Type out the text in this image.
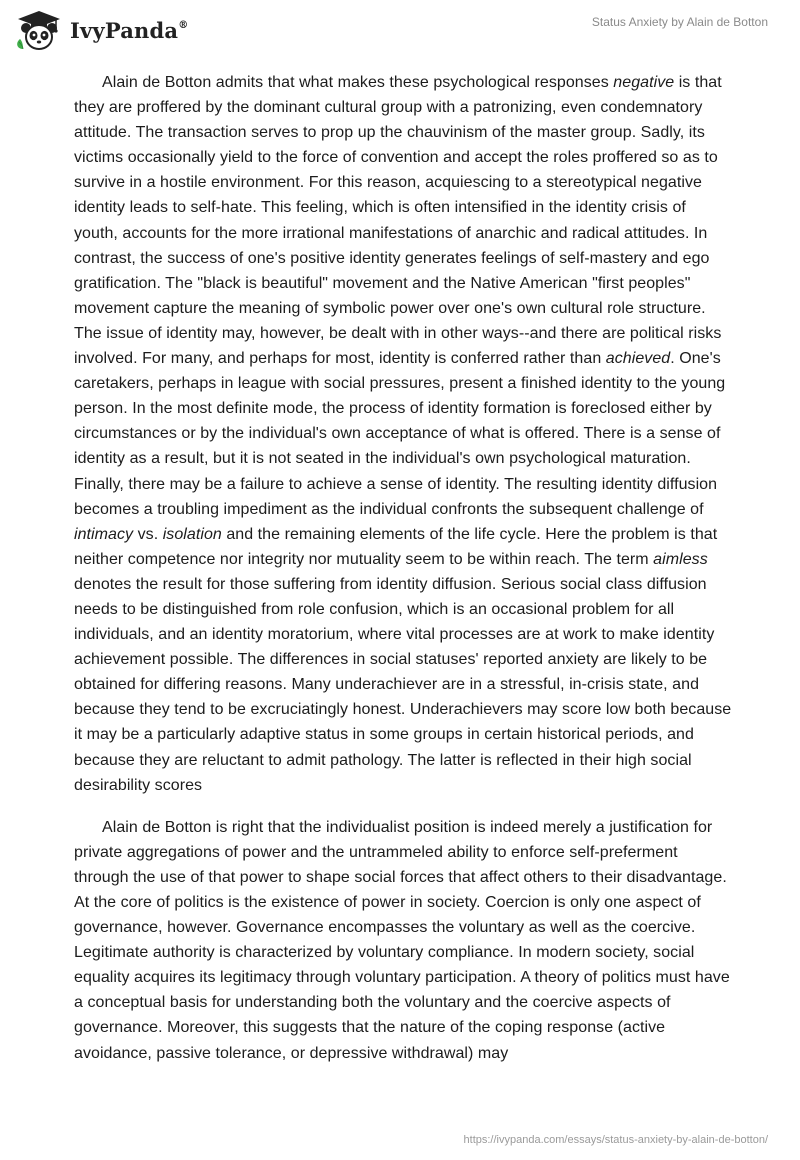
IvyPanda®	Status Anxiety by Alain de Botton

Alain de Botton admits that what makes these psychological responses negative is that they are proffered by the dominant cultural group with a patronizing, even condemnatory attitude. The transaction serves to prop up the chauvinism of the master group. Sadly, its victims occasionally yield to the force of convention and accept the roles proffered so as to survive in a hostile environment. For this reason, acquiescing to a stereotypical negative identity leads to self-hate. This feeling, which is often intensified in the identity crisis of youth, accounts for the more irrational manifestations of anarchic and radical attitudes. In contrast, the success of one's positive identity generates feelings of self-mastery and ego gratification. The "black is beautiful" movement and the Native American "first peoples" movement capture the meaning of symbolic power over one's own cultural role structure. The issue of identity may, however, be dealt with in other ways--and there are political risks involved. For many, and perhaps for most, identity is conferred rather than achieved. One's caretakers, perhaps in league with social pressures, present a finished identity to the young person. In the most definite mode, the process of identity formation is foreclosed either by circumstances or by the individual's own acceptance of what is offered. There is a sense of identity as a result, but it is not seated in the individual's own psychological maturation. Finally, there may be a failure to achieve a sense of identity. The resulting identity diffusion becomes a troubling impediment as the individual confronts the subsequent challenge of intimacy vs. isolation and the remaining elements of the life cycle. Here the problem is that neither competence nor integrity nor mutuality seem to be within reach. The term aimless denotes the result for those suffering from identity diffusion. Serious social class diffusion needs to be distinguished from role confusion, which is an occasional problem for all individuals, and an identity moratorium, where vital processes are at work to make identity achievement possible. The differences in social statuses' reported anxiety are likely to be obtained for differing reasons. Many underachiever are in a stressful, in-crisis state, and because they tend to be excruciatingly honest. Underachievers may score low both because it may be a particularly adaptive status in some groups in certain historical periods, and because they are reluctant to admit pathology. The latter is reflected in their high social desirability scores

Alain de Botton is right that the individualist position is indeed merely a justification for private aggregations of power and the untrammeled ability to enforce self-preferment through the use of that power to shape social forces that affect others to their disadvantage. At the core of politics is the existence of power in society. Coercion is only one aspect of governance, however. Governance encompasses the voluntary as well as the coercive. Legitimate authority is characterized by voluntary compliance. In modern society, social equality acquires its legitimacy through voluntary participation. A theory of politics must have a conceptual basis for understanding both the voluntary and the coercive aspects of governance. Moreover, this suggests that the nature of the coping response (active avoidance, passive tolerance, or depressive withdrawal) may

https://ivypanda.com/essays/status-anxiety-by-alain-de-botton/
